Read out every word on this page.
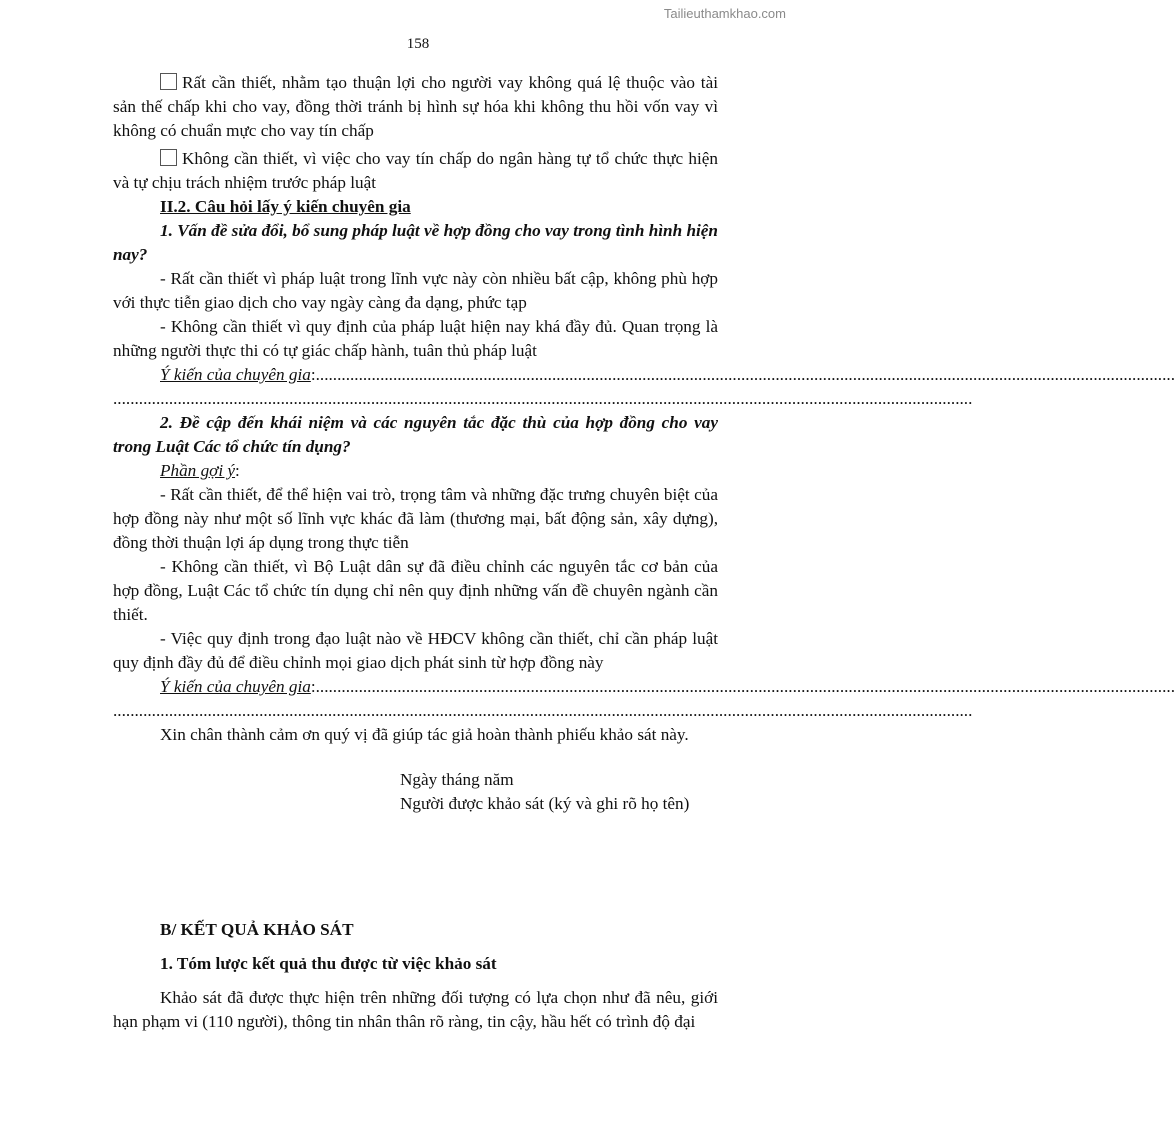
Tailieuthamkhao.com
158

Rất cần thiết, nhằm tạo thuận lợi cho người vay không quá lệ thuộc vào tài sản thế chấp khi cho vay, đồng thời tránh bị hình sự hóa khi không thu hồi vốn vay vì không có chuẩn mực cho vay tín chấp

Không cần thiết, vì việc cho vay tín chấp do ngân hàng tự tổ chức thực hiện và tự chịu trách nhiệm trước pháp luật

II.2. Câu hỏi lấy ý kiến chuyên gia

1. Vấn đề sửa đổi, bổ sung pháp luật về hợp đồng cho vay trong tình hình hiện nay?

- Rất cần thiết vì pháp luật trong lĩnh vực này còn nhiều bất cập, không phù hợp với thực tiễn giao dịch cho vay ngày càng đa dạng, phức tạp

- Không cần thiết vì quy định của pháp luật hiện nay khá đầy đủ. Quan trọng là những người thực thi có tự giác chấp hành, tuân thủ pháp luật

Ý kiến của chuyên gia:........................................................................................................................................................................................................

........................................................................................................................................................................................................

2. Đề cập đến khái niệm và các nguyên tắc đặc thù của hợp đồng cho vay trong Luật Các tổ chức tín dụng?

Phần gợi ý:

- Rất cần thiết, để thể hiện vai trò, trọng tâm và những đặc trưng chuyên biệt của hợp đồng này như một số lĩnh vực khác đã làm (thương mại, bất động sản, xây dựng), đồng thời thuận lợi áp dụng trong thực tiễn

- Không cần thiết, vì Bộ Luật dân sự đã điều chỉnh các nguyên tắc cơ bản của hợp đồng, Luật Các tổ chức tín dụng chỉ nên quy định những vấn đề chuyên ngành cần thiết.

- Việc quy định trong đạo luật nào về HĐCV không cần thiết, chỉ cần pháp luật quy định đầy đủ để điều chỉnh mọi giao dịch phát sinh từ hợp đồng này

Ý kiến của chuyên gia:........................................................................................................................................................................................................

........................................................................................................................................................................................................

Xin chân thành cảm ơn quý vị đã giúp tác giả hoàn thành phiếu khảo sát này.

Ngày tháng năm
Người được khảo sát (ký và ghi rõ họ tên)

B/ KẾT QUẢ KHẢO SÁT

1. Tóm lược kết quả thu được từ việc khảo sát

Khảo sát đã được thực hiện trên những đối tượng có lựa chọn như đã nêu, giới hạn phạm vi (110 người), thông tin nhân thân rõ ràng, tin cậy, hầu hết có trình độ đại
